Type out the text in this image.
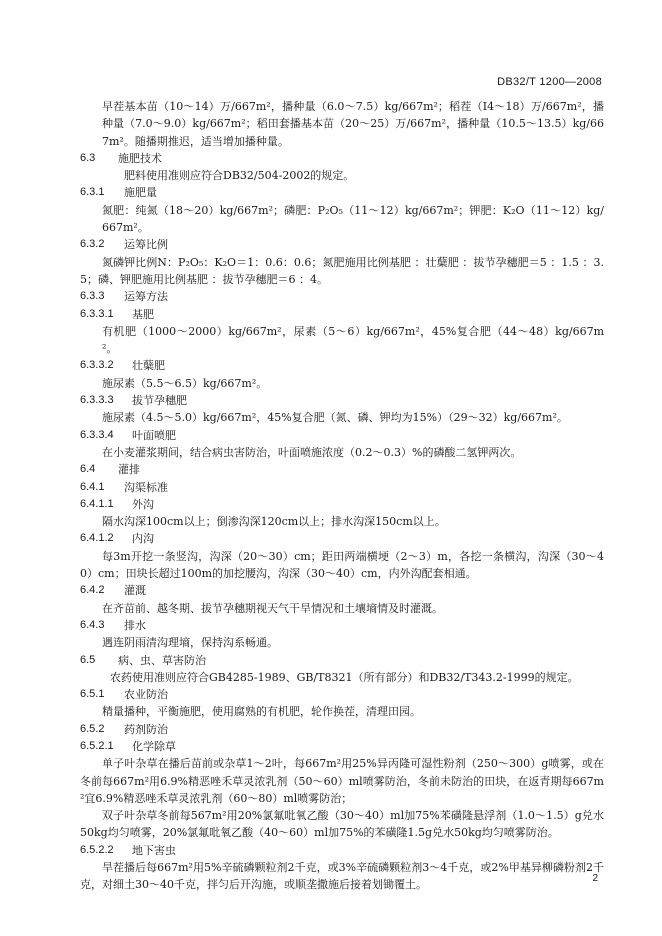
DB32/T 1200—2008
早茬基本苗（10～14）万/667m²，播种量（6.0～7.5）kg/667m²；稻茬（I4～18）万/667m²，播种量（7.0～9.0）kg/667m²；稻田套播基本苗（20～25）万/667m²，播种量（10.5～13.5）kg/667m²。随播期推迟，适当增加播种量。
6.3	施肥技术
肥料使用准则应符合DB32/504-2002的规定。
6.3.1	施肥量
氮肥：纯氮（18～20）kg/667m²；磷肥：P₂O₅（11～12）kg/667m²；钾肥：K₂O（11～12）kg/667m²。
6.3.2	运筹比例
氮磷钾比例N：P₂O₅：K₂O＝1：0.6：0.6；氮肥施用比例基肥 ：壮蘖肥 ：拔节孕穗肥＝5 ：1.5 ：3.5；磷、钾肥施用比例基肥 ：拔节孕穗肥＝6 ：4。
6.3.3	运筹方法
6.3.3.1	基肥
有机肥（1000～2000）kg/667m²，尿素（5～6）kg/667m²，45%复合肥（44～48）kg/667m²。
6.3.3.2	壮蘖肥
施尿素（5.5～6.5）kg/667m²。
6.3.3.3	拔节孕穗肥
施尿素（4.5～5.0）kg/667m²，45%复合肥（氮、磷、钾均为15%）（29～32）kg/667m²。
6.3.3.4	叶面喷肥
在小麦灌浆期间，结合病虫害防治，叶面喷施浓度（0.2～0.3）%的磷酸二氢钾两次。
6.4	灌排
6.4.1	沟渠标准
6.4.1.1	外沟
隔水沟深100cm以上；倒渗沟深120cm以上；排水沟深150cm以上。
6.4.1.2	内沟
每3m开挖一条竖沟，沟深（20～30）cm；距田两端横埂（2～3）m，各挖一条横沟，沟深（30～40）cm；田块长超过100m的加挖腰沟，沟深（30～40）cm，内外沟配套相通。
6.4.2	灌溉
在齐苗前、越冬期、拔节孕穗期视天气干旱情况和土壤墒情及时灌溉。
6.4.3	排水
遇连阴雨清沟理墒，保持沟系畅通。
6.5	病、虫、草害防治
农药使用准则应符合GB4285-1989、GB/T8321（所有部分）和DB32/T343.2-1999的规定。
6.5.1	农业防治
精量播种，平衡施肥，使用腐熟的有机肥，轮作换茬，清理田园。
6.5.2	药剂防治
6.5.2.1	化学除草
单子叶杂草在播后苗前或杂草1～2叶，每667m²用25%异丙隆可湿性粉剂（250～300）g喷雾，或在冬前每667m²用6.9%精恶唑禾草灵浓乳剂（50～60）ml喷雾防治，冬前未防治的田块，在返青期每667m²宜6.9%精恶唑禾草灵浓乳剂（60～80）ml喷雾防治；
双子叶杂草冬前每567m²用20%氯氟吡氧乙酸（30～40）ml加75%苯磺隆悬浮剂（1.0～1.5）g兑水50kg均匀喷雾，20%氯氟吡氧乙酸（40～60）ml加75%的苯磺隆1.5g兑水50kg均匀喷雾防治。
6.5.2.2	地下害虫
旱茬播后每667m²用5%辛硫磷颗粒剂2千克，或3%辛硫磷颗粒剂3～4千克，或2%甲基异柳磷粉剂2千克，对细土30～40千克，拌匀后开沟施，或顺垄撒施后接着划锄覆土。	2
